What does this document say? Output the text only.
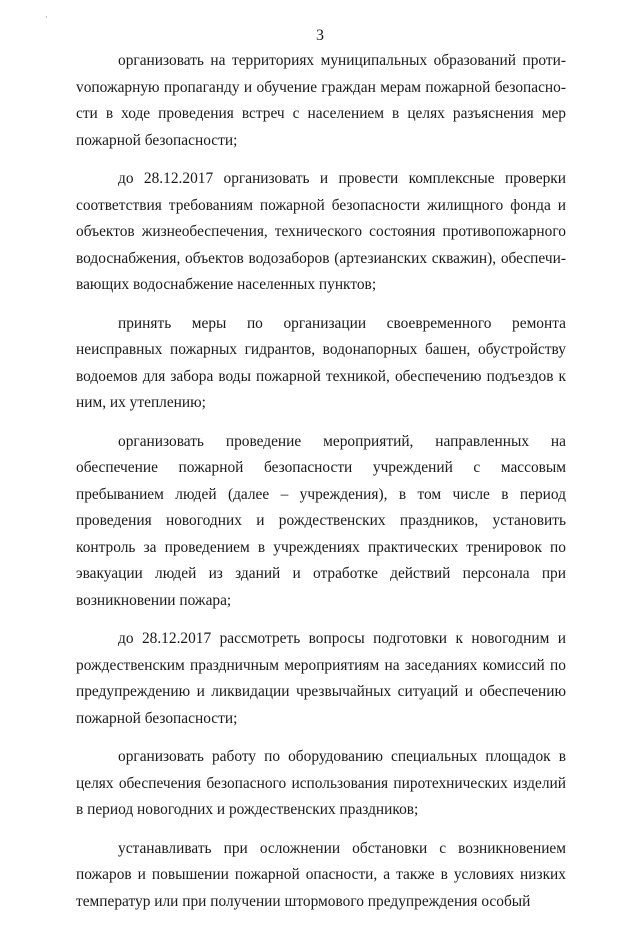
·
3

организовать на территориях муниципальных образований протиvoпожарную пропаганду и обучение граждан мерам пожарной безопасности в ходе проведения встреч с населением в целях разъяснения мер пожарной безопасности;

до 28.12.2017 организовать и провести комплексные проверки соответствия требованиям пожарной безопасности жилищного фонда и объектов жизнеобеспечения, технического состояния противопожарного водоснабжения, объектов водозаборов (артезианских скважин), обеспечивающих водоснабжение населенных пунктов;

принять меры по организации своевременного ремонта неисправных пожарных гидрантов, водонапорных башен, обустройству водоемов для забора воды пожарной техникой, обеспечению подъездов к ним, их утеплению;

организовать проведение мероприятий, направленных на обеспечение пожарной безопасности учреждений с массовым пребыванием людей (далее – учреждения), в том числе в период проведения новогодних и рождественских праздников, установить контроль за проведением в учреждениях практических тренировок по эвакуации людей из зданий и отработке действий персонала при возникновении пожара;

до 28.12.2017 рассмотреть вопросы подготовки к новогодним и рождественским праздничным мероприятиям на заседаниях комиссий по предупреждению и ликвидации чрезвычайных ситуаций и обеспечению пожарной безопасности;

организовать работу по оборудованию специальных площадок в целях обеспечения безопасного использования пиротехнических изделий в период новогодних и рождественских праздников;

устанавливать при осложнении обстановки с возникновением пожаров и повышении пожарной опасности, а также в условиях низких температур или при получении штормового предупреждения особый
